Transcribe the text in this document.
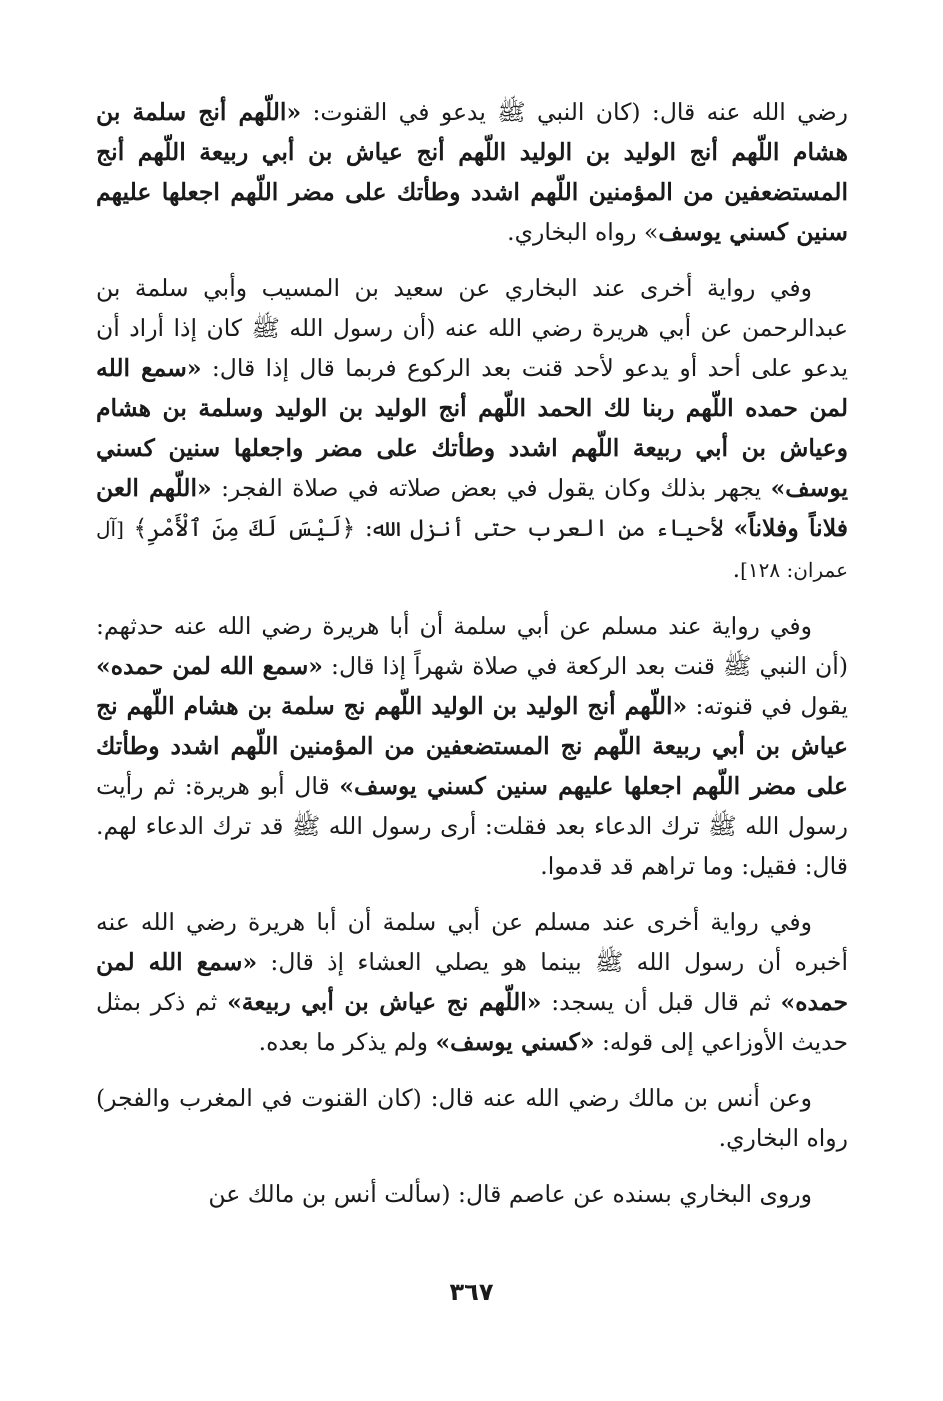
رضي الله عنه قال: (كان النبي ﷺ يدعو في القنوت: «اللّهم أنج سلمة بن هشام اللّهم أنج الوليد بن الوليد اللّهم أنج عياش بن أبي ربيعة اللّهم أنج المستضعفين من المؤمنين اللّهم اشدد وطأتك على مضر اللّهم اجعلها عليهم سنين كسني يوسف» رواه البخاري.

وفي رواية أخرى عند البخاري عن سعيد بن المسيب وأبي سلمة بن عبدالرحمن عن أبي هريرة رضي الله عنه (أن رسول الله ﷺ كان إذا أراد أن يدعو على أحد أو يدعو لأحد قنت بعد الركوع فربما قال إذا قال: «سمع الله لمن حمده اللّهم ربنا لك الحمد اللّهم أنج الوليد بن الوليد وسلمة بن هشام وعياش بن أبي ربيعة اللّهم اشدد وطأتك على مضر واجعلها سنين كسني يوسف» يجهر بذلك وكان يقول في بعض صلاته في صلاة الفجر: «اللّهم العن فلاناً وفلاناً» لأحياء من العرب حتى أنزل الله: ﴿لَيْسَ لَكَ مِنَ ٱلْأَمْرِ﴾ [آل عمران: ١٢٨].

وفي رواية عند مسلم عن أبي سلمة أن أبا هريرة رضي الله عنه حدثهم: (أن النبي ﷺ قنت بعد الركعة في صلاة شهراً إذا قال: «سمع الله لمن حمده» يقول في قنوته: «اللّهم أنج الوليد بن الوليد اللّهم نج سلمة بن هشام اللّهم نج عياش بن أبي ربيعة اللّهم نج المستضعفين من المؤمنين اللّهم اشدد وطأتك على مضر اللّهم اجعلها عليهم سنين كسني يوسف» قال أبو هريرة: ثم رأيت رسول الله ﷺ ترك الدعاء بعد فقلت: أرى رسول الله ﷺ قد ترك الدعاء لهم. قال: فقيل: وما تراهم قد قدموا.

وفي رواية أخرى عند مسلم عن أبي سلمة أن أبا هريرة رضي الله عنه أخبره أن رسول الله ﷺ بينما هو يصلي العشاء إذ قال: «سمع الله لمن حمده» ثم قال قبل أن يسجد: «اللّهم نج عياش بن أبي ربيعة» ثم ذكر بمثل حديث الأوزاعي إلى قوله: «كسني يوسف» ولم يذكر ما بعده.

وعن أنس بن مالك رضي الله عنه قال: (كان القنوت في المغرب والفجر) رواه البخاري.

وروى البخاري بسنده عن عاصم قال: (سألت أنس بن مالك عن

٣٦٧
